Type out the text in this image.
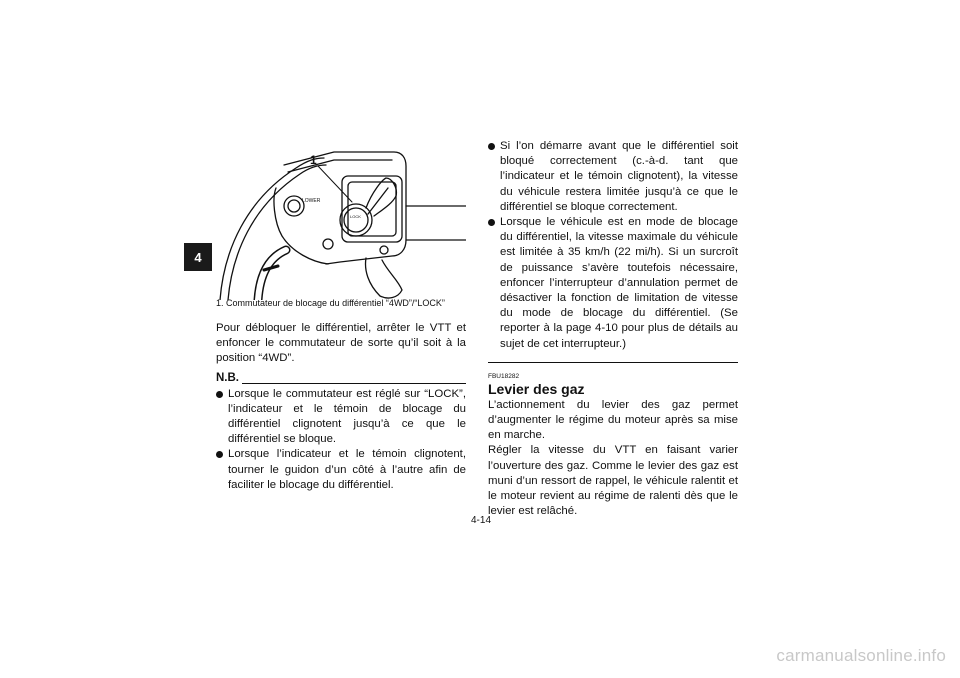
4
LOWER
LOCK
1
1. Commutateur de blocage du différentiel “4WD”/“LOCK”

Pour débloquer le différentiel, arrêter le VTT et enfoncer le commutateur de sorte qu’il soit à la position “4WD”.

N.B.

Lorsque le commutateur est réglé sur “LOCK”, l’indicateur et le témoin de blocage du différentiel clignotent jusqu’à ce que le différentiel se bloque.

Lorsque l’indicateur et le témoin clignotent, tourner le guidon d’un côté à l’autre afin de faciliter le blocage du différentiel.

Si l’on démarre avant que le différentiel soit bloqué correctement (c.-à-d. tant que l’indicateur et le témoin clignotent), la vitesse du véhicule restera limitée jusqu’à ce que le différentiel se bloque correctement.

Lorsque le véhicule est en mode de blocage du différentiel, la vitesse maximale du véhicule est limitée à 35 km/h (22 mi/h). Si un surcroît de puissance s’avère toutefois nécessaire, enfoncer l’interrupteur d’annulation permet de désactiver la fonction de limitation de vitesse du mode de blocage du différentiel. (Se reporter à la page 4-10 pour plus de détails au sujet de cet interrupteur.)

FBU18282
Levier des gaz

L’actionnement du levier des gaz permet d’augmenter le régime du moteur après sa mise en marche.

Régler la vitesse du VTT en faisant varier l’ouverture des gaz. Comme le levier des gaz est muni d’un ressort de rappel, le véhicule ralentit et le moteur revient au régime de ralenti dès que le levier est relâché.

4-14
carmanualsonline.info
